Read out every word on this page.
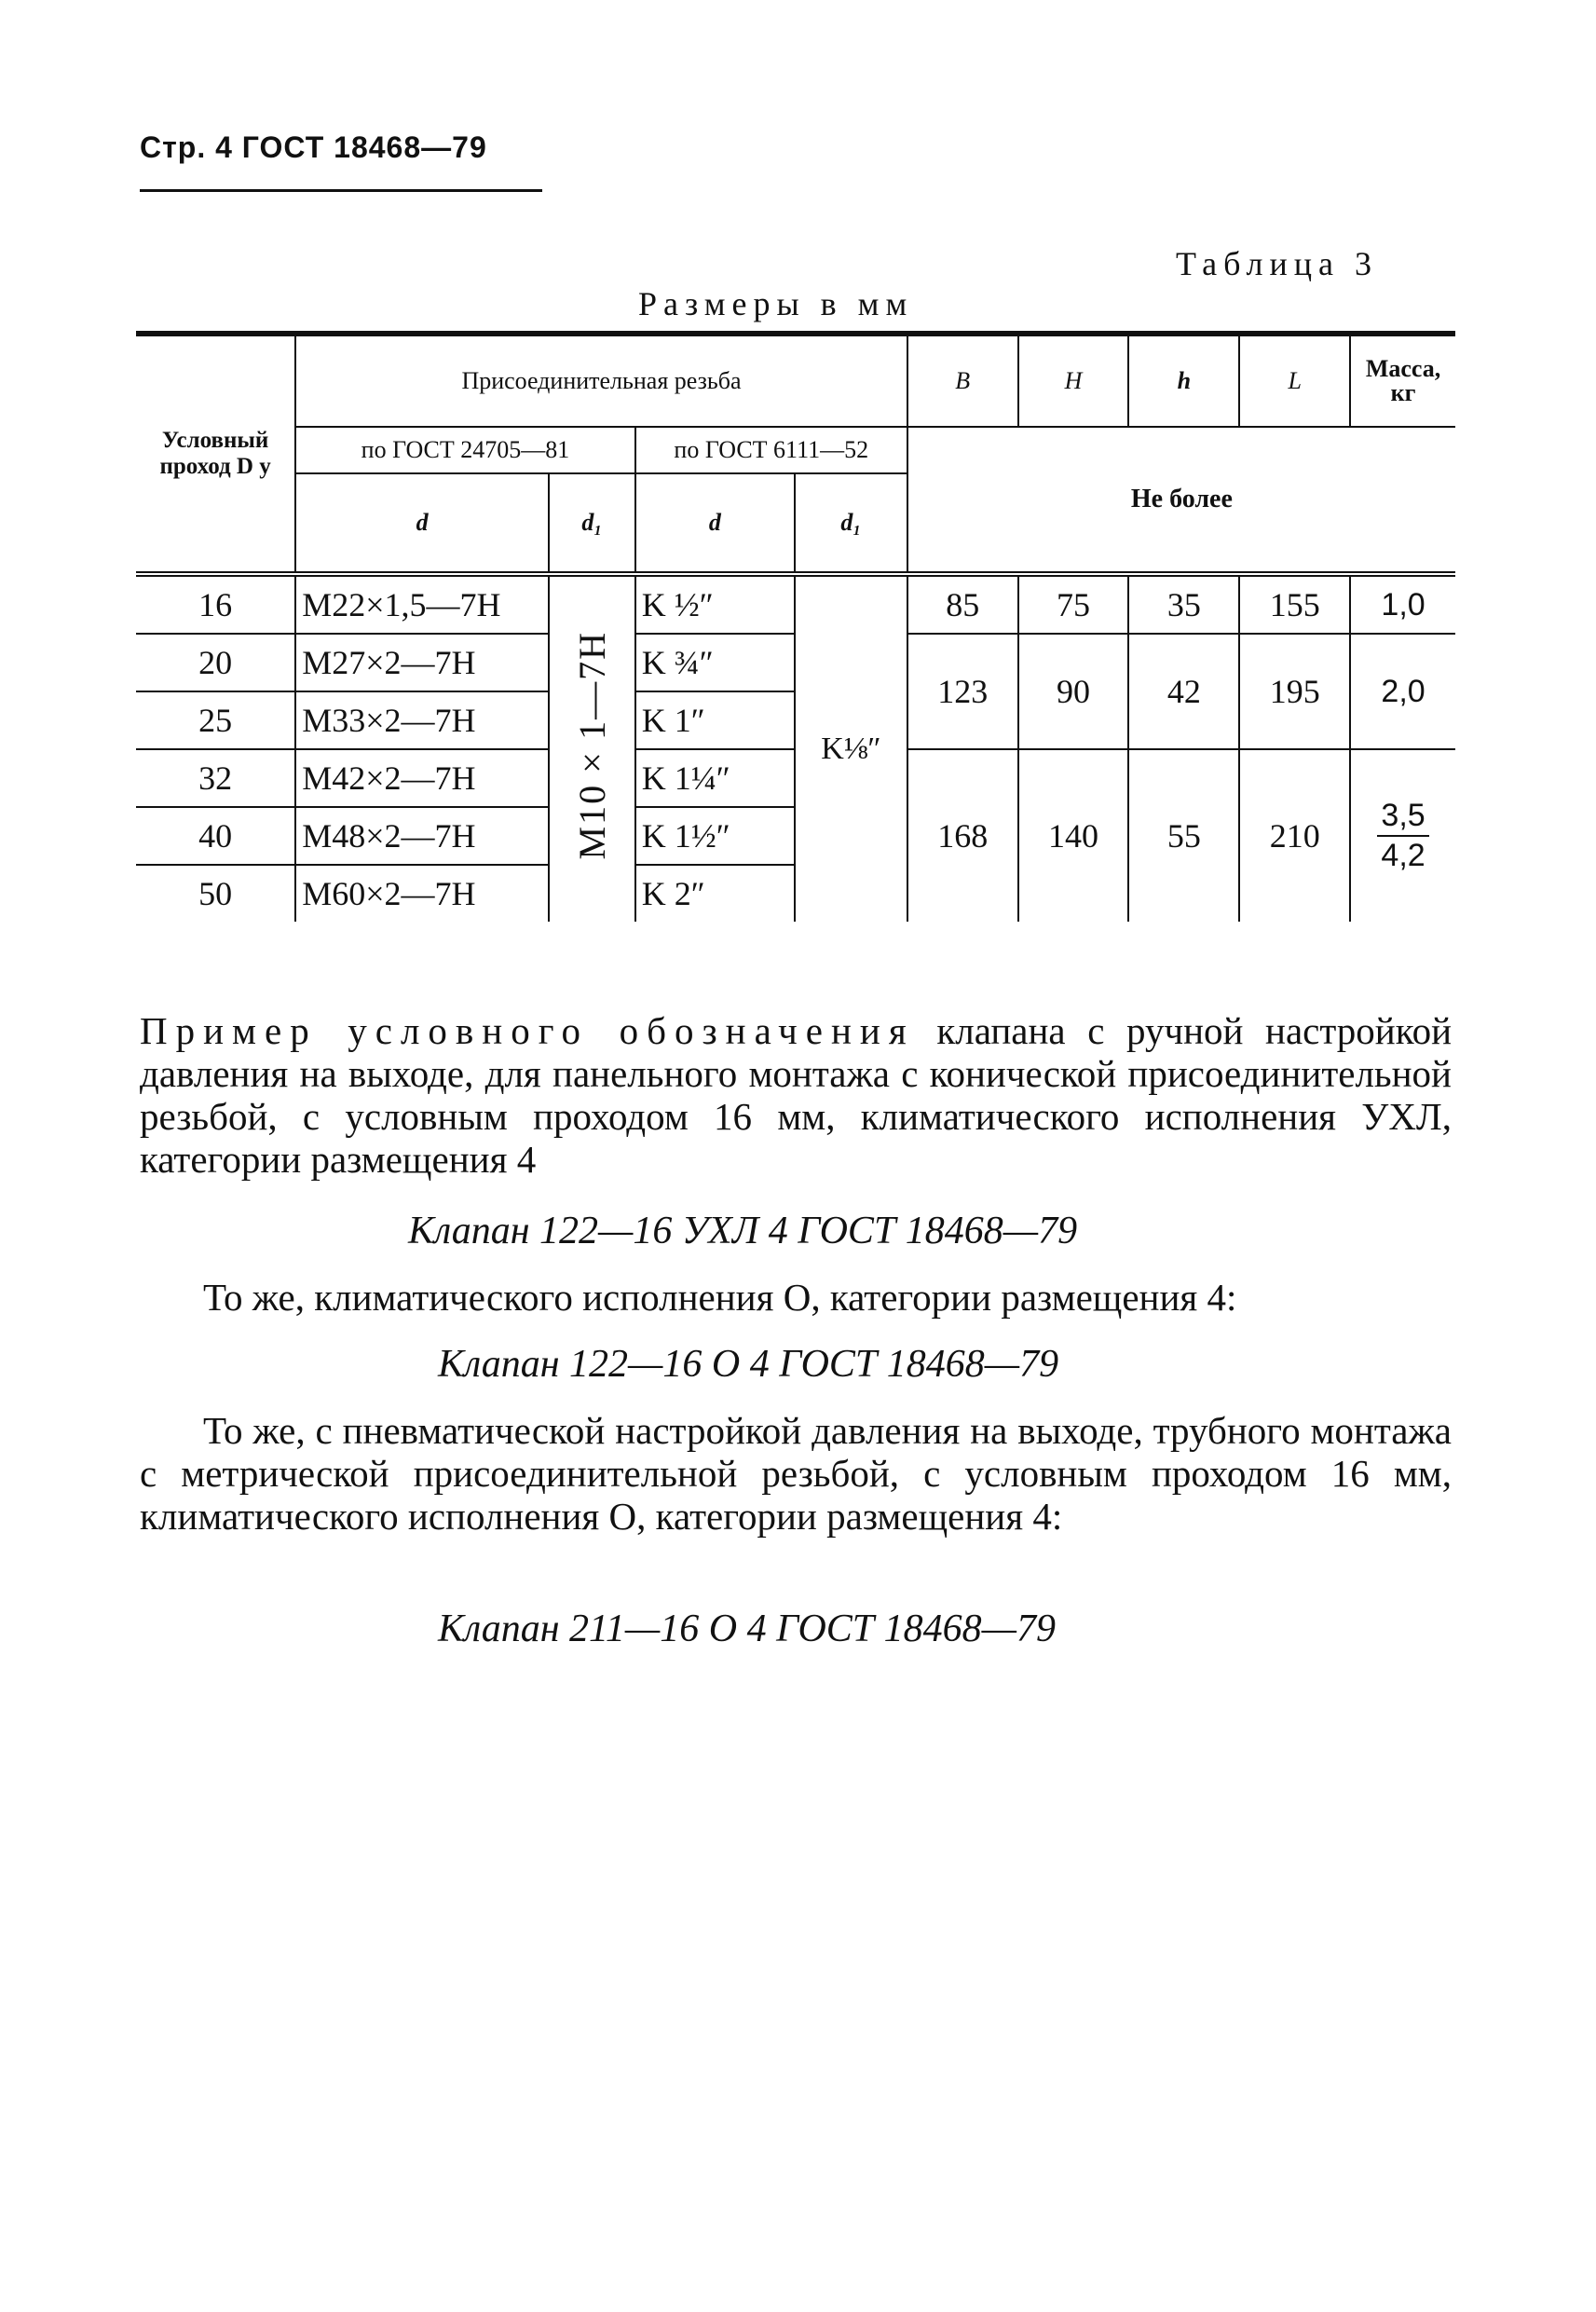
Стр. 4 ГОСТ 18468—79
Таблица 3
Размеры в мм
Условный проход D у	Присоединительная резьба				B	H	h	L	Масса, кг
	по ГОСТ 24705—81		по ГОСТ 6111—52		Не более				
	d	d₁	d	d₁					
16	M22×1,5—7H	M10×1—7H	K ½″	K⅛″	85	75	35	155	1,0
20	M27×2—7H		K ¾″		123	90	42	195	2,0
25	M33×2—7H		K 1″						
32	M42×2—7H		K 1¼″		168	140	55	210	$\frac{3,5}{4,2}$

40	M48×2—7H		K 1½″						
50	M60×2—7H		K 2″						
Пример условного обозначения клапана с ручной настройкой давления на выходе, для панельного монтажа с конической присоединительной резьбой, с условным проходом 16 мм, климатического исполнения УХЛ, категории размещения 4
Клапан 122—16 УХЛ 4 ГОСТ 18468—79
То же, климатического исполнения О, категории размещения 4:
Клапан 122—16 О 4 ГОСТ 18468—79
То же, с пневматической настройкой давления на выходе, трубного монтажа с метрической присоединительной резьбой, с условным проходом 16 мм, климатического исполнения О, категории размещения 4:
Клапан 211—16 О 4 ГОСТ 18468—79
